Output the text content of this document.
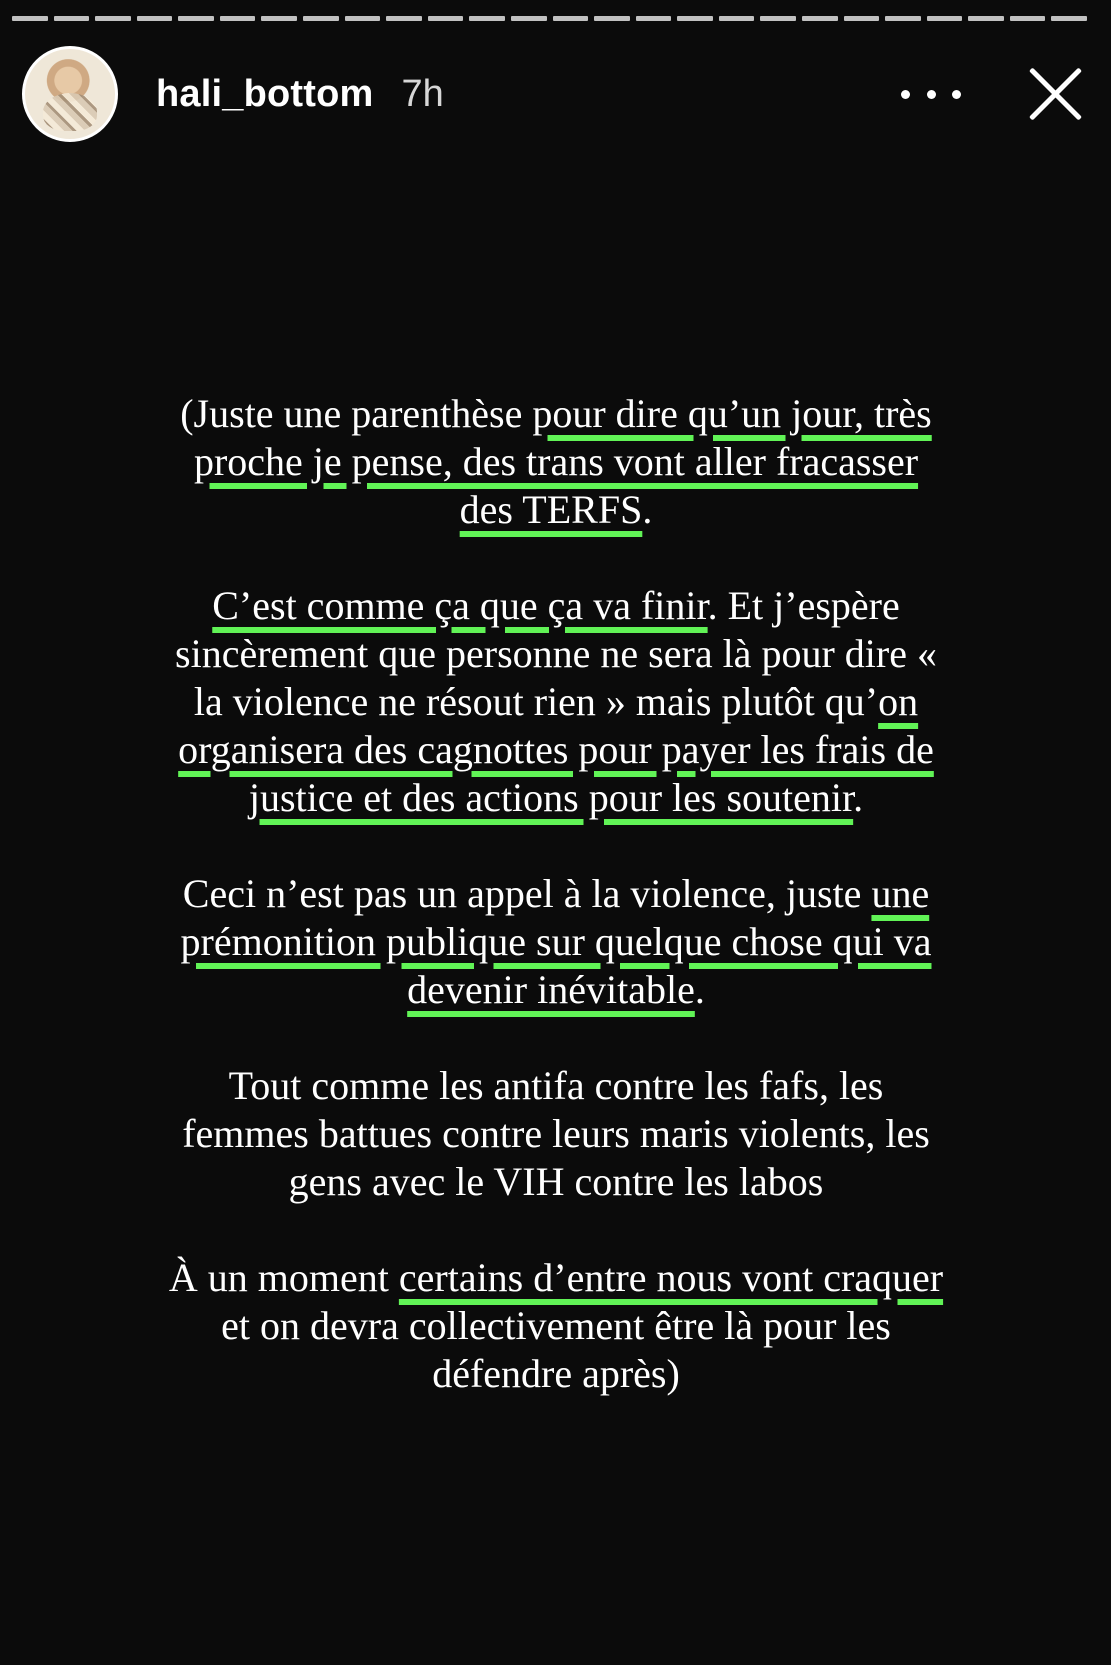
hali_bottom 7h

(Juste une parenthèse pour dire qu’un jour, très proche je pense, des trans vont aller fracasser des TERFS.

C’est comme ça que ça va finir. Et j’espère sincèrement que personne ne sera là pour dire « la violence ne résout rien » mais plutôt qu’on organisera des cagnottes pour payer les frais de justice et des actions pour les soutenir.

Ceci n’est pas un appel à la violence, juste une prémonition publique sur quelque chose qui va devenir inévitable.

Tout comme les antifa contre les fafs, les femmes battues contre leurs maris violents, les gens avec le VIH contre les labos

À un moment certains d’entre nous vont craquer et on devra collectivement être là pour les défendre après)
